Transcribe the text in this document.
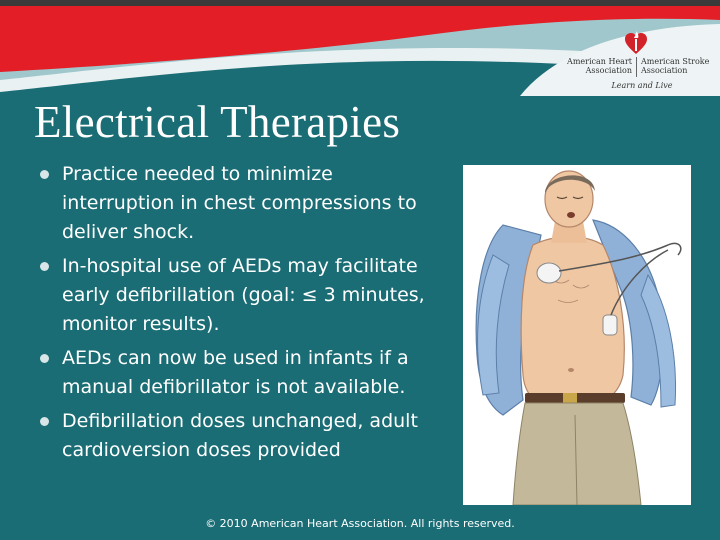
American Heart
Association
American Stroke
Association
Learn and Live
Electrical Therapies
Practice needed to minimize interruption in chest compressions to deliver shock.
In-hospital use of AEDs may facilitate early defibrillation (goal: ≤ 3 minutes, monitor results).
AEDs can now be used in infants if a manual defibrillator is not available.
Defibrillation doses unchanged, adult cardioversion doses provided
© 2010 American Heart Association. All rights reserved.
